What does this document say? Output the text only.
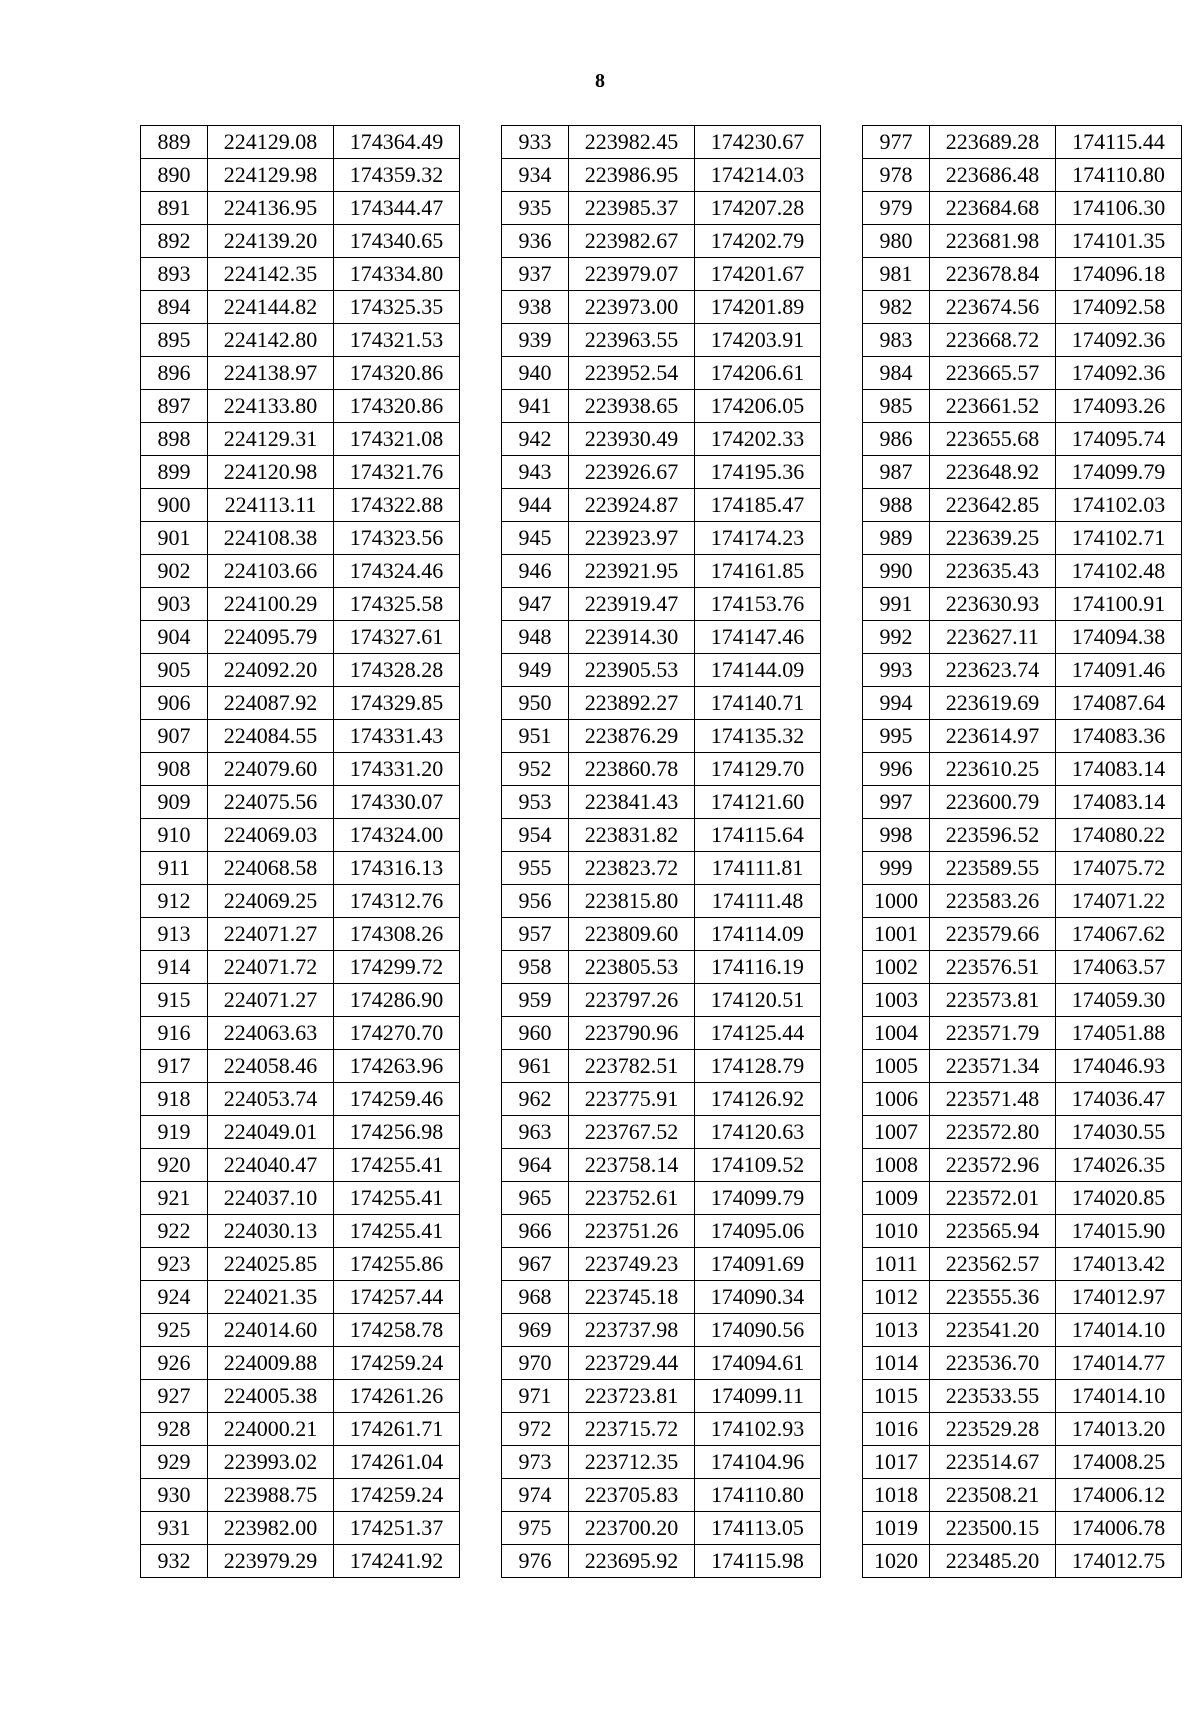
8
889	224129.08	174364.49
890	224129.98	174359.32
891	224136.95	174344.47
892	224139.20	174340.65
893	224142.35	174334.80
894	224144.82	174325.35
895	224142.80	174321.53
896	224138.97	174320.86
897	224133.80	174320.86
898	224129.31	174321.08
899	224120.98	174321.76
900	224113.11	174322.88
901	224108.38	174323.56
902	224103.66	174324.46
903	224100.29	174325.58
904	224095.79	174327.61
905	224092.20	174328.28
906	224087.92	174329.85
907	224084.55	174331.43
908	224079.60	174331.20
909	224075.56	174330.07
910	224069.03	174324.00
911	224068.58	174316.13
912	224069.25	174312.76
913	224071.27	174308.26
914	224071.72	174299.72
915	224071.27	174286.90
916	224063.63	174270.70
917	224058.46	174263.96
918	224053.74	174259.46
919	224049.01	174256.98
920	224040.47	174255.41
921	224037.10	174255.41
922	224030.13	174255.41
923	224025.85	174255.86
924	224021.35	174257.44
925	224014.60	174258.78
926	224009.88	174259.24
927	224005.38	174261.26
928	224000.21	174261.71
929	223993.02	174261.04
930	223988.75	174259.24
931	223982.00	174251.37
932	223979.29	174241.92
933	223982.45	174230.67
934	223986.95	174214.03
935	223985.37	174207.28
936	223982.67	174202.79
937	223979.07	174201.67
938	223973.00	174201.89
939	223963.55	174203.91
940	223952.54	174206.61
941	223938.65	174206.05
942	223930.49	174202.33
943	223926.67	174195.36
944	223924.87	174185.47
945	223923.97	174174.23
946	223921.95	174161.85
947	223919.47	174153.76
948	223914.30	174147.46
949	223905.53	174144.09
950	223892.27	174140.71
951	223876.29	174135.32
952	223860.78	174129.70
953	223841.43	174121.60
954	223831.82	174115.64
955	223823.72	174111.81
956	223815.80	174111.48
957	223809.60	174114.09
958	223805.53	174116.19
959	223797.26	174120.51
960	223790.96	174125.44
961	223782.51	174128.79
962	223775.91	174126.92
963	223767.52	174120.63
964	223758.14	174109.52
965	223752.61	174099.79
966	223751.26	174095.06
967	223749.23	174091.69
968	223745.18	174090.34
969	223737.98	174090.56
970	223729.44	174094.61
971	223723.81	174099.11
972	223715.72	174102.93
973	223712.35	174104.96
974	223705.83	174110.80
975	223700.20	174113.05
976	223695.92	174115.98
977	223689.28	174115.44
978	223686.48	174110.80
979	223684.68	174106.30
980	223681.98	174101.35
981	223678.84	174096.18
982	223674.56	174092.58
983	223668.72	174092.36
984	223665.57	174092.36
985	223661.52	174093.26
986	223655.68	174095.74
987	223648.92	174099.79
988	223642.85	174102.03
989	223639.25	174102.71
990	223635.43	174102.48
991	223630.93	174100.91
992	223627.11	174094.38
993	223623.74	174091.46
994	223619.69	174087.64
995	223614.97	174083.36
996	223610.25	174083.14
997	223600.79	174083.14
998	223596.52	174080.22
999	223589.55	174075.72
1000	223583.26	174071.22
1001	223579.66	174067.62
1002	223576.51	174063.57
1003	223573.81	174059.30
1004	223571.79	174051.88
1005	223571.34	174046.93
1006	223571.48	174036.47
1007	223572.80	174030.55
1008	223572.96	174026.35
1009	223572.01	174020.85
1010	223565.94	174015.90
1011	223562.57	174013.42
1012	223555.36	174012.97
1013	223541.20	174014.10
1014	223536.70	174014.77
1015	223533.55	174014.10
1016	223529.28	174013.20
1017	223514.67	174008.25
1018	223508.21	174006.12
1019	223500.15	174006.78
1020	223485.20	174012.75
